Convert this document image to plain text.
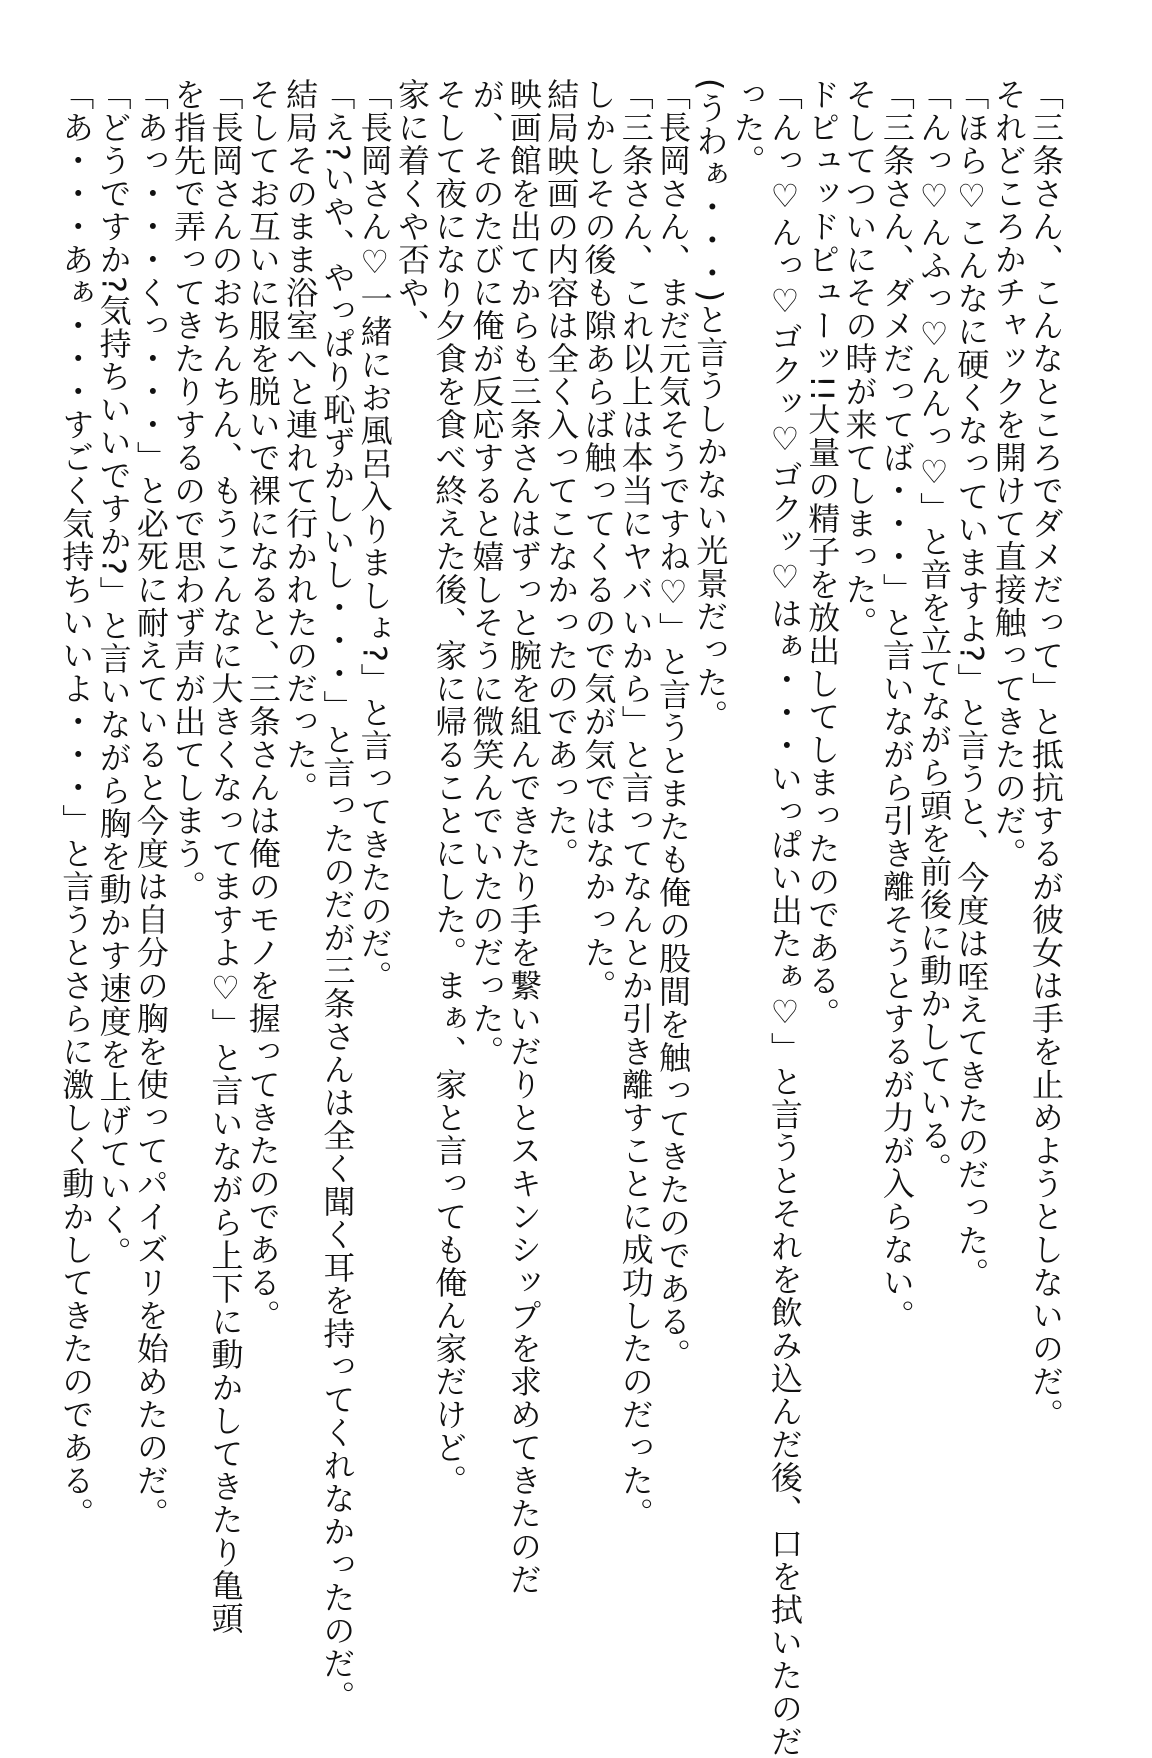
「三条さん、こんなところでダメだって」と抵抗するが彼女は手を止めようとしないのだ。

それどころかチャックを開けて直接触ってきたのだ。

「ほら♡こんなに硬くなっていますよ?」と言うと、今度は咥えてきたのだった。

「んっ♡んふっ♡んんっ♡」と音を立てながら頭を前後に動かしている。

「三条さん、ダメだってば・・・」と言いながら引き離そうとするが力が入らない。

そしてついにその時が来てしまった。

ドピュッドピューッ!!大量の精子を放出してしまったのである。

「んっ♡んっ♡ゴクッ♡ゴクッ♡はぁ・・・いっぱい出たぁ♡」と言うとそれを飲み込んだ後、口を拭いたのだ

った。

(うわぁ・・・)と言うしかない光景だった。

「長岡さん、まだ元気そうですね♡」と言うとまたも俺の股間を触ってきたのである。

「三条さん、これ以上は本当にヤバいから」と言ってなんとか引き離すことに成功したのだった。

しかしその後も隙あらば触ってくるので気が気ではなかった。

結局映画の内容は全く入ってこなかったのであった。

映画館を出てからも三条さんはずっと腕を組んできたり手を繋いだりとスキンシップを求めてきたのだ

が、そのたびに俺が反応すると嬉しそうに微笑んでいたのだった。

そして夜になり夕食を食べ終えた後、家に帰ることにした。まぁ、家と言っても俺ん家だけど。

家に着くや否や、

「長岡さん♡一緒にお風呂入りましょ?」と言ってきたのだ。

「え?いや、やっぱり恥ずかしいし・・・」と言ったのだが三条さんは全く聞く耳を持ってくれなかったのだ。

結局そのまま浴室へと連れて行かれたのだった。

そしてお互いに服を脱いで裸になると、三条さんは俺のモノを握ってきたのである。

「長岡さんのおちんちん、もうこんなに大きくなってますよ♡」と言いながら上下に動かしてきたり亀頭

を指先で弄ってきたりするので思わず声が出てしまう。

「あっ・・・くっ・・・」と必死に耐えていると今度は自分の胸を使ってパイズリを始めたのだ。

「どうですか?気持ちいいですか?」と言いながら胸を動かす速度を上げていく。

「あ・・・あぁ・・・すごく気持ちいいよ・・・」と言うとさらに激しく動かしてきたのである。
